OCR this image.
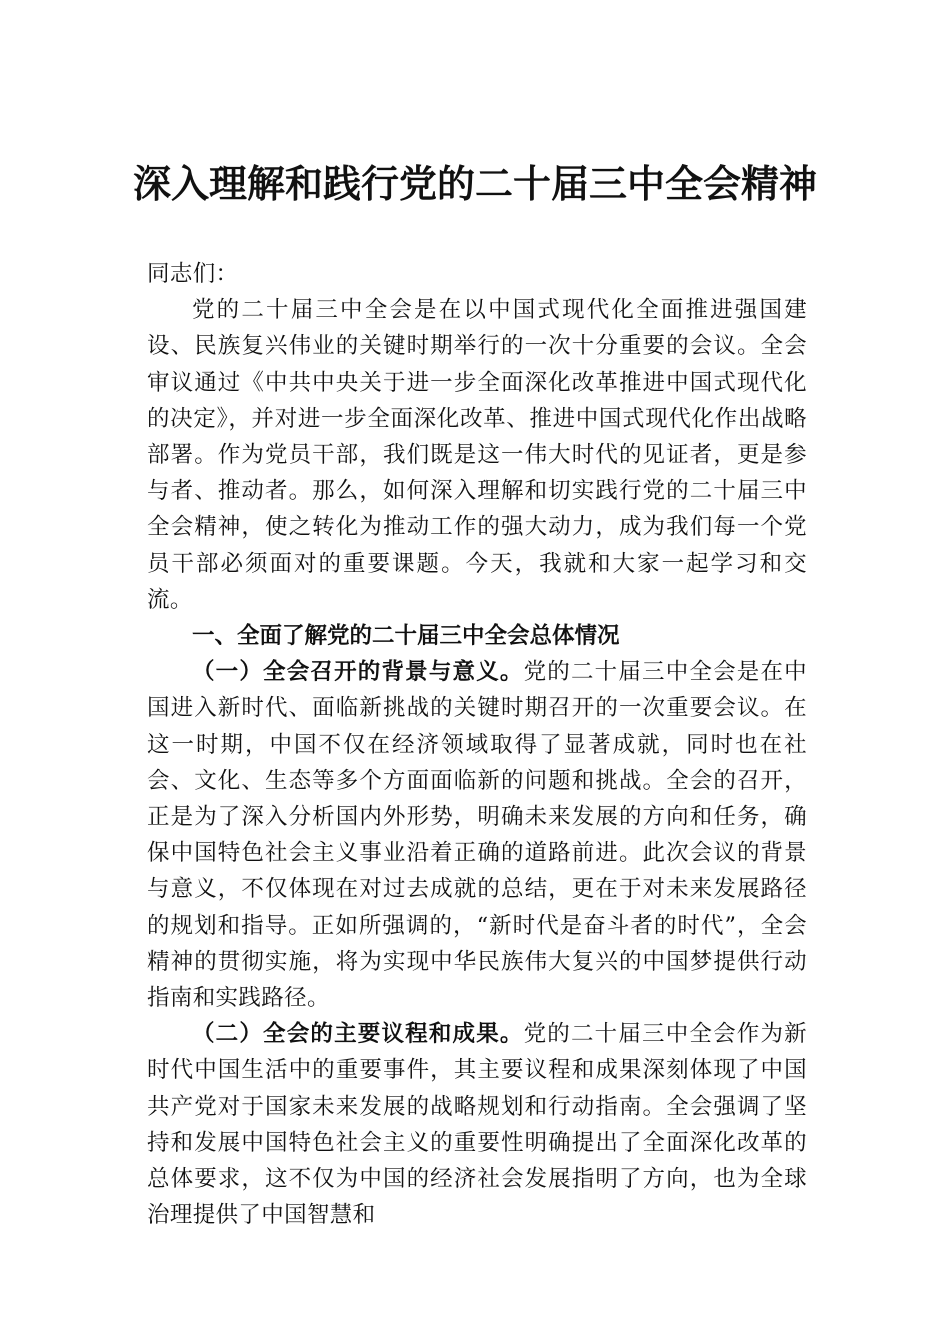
深入理解和践行党的二十届三中全会精神

同志们：

党的二十届三中全会是在以中国式现代化全面推进强国建设、民族复兴伟业的关键时期举行的一次十分重要的会议。全会审议通过《中共中央关于进一步全面深化改革推进中国式现代化的决定》，并对进一步全面深化改革、推进中国式现代化作出战略部署。作为党员干部，我们既是这一伟大时代的见证者，更是参与者、推动者。那么，如何深入理解和切实践行党的二十届三中全会精神，使之转化为推动工作的强大动力，成为我们每一个党员干部必须面对的重要课题。今天，我就和大家一起学习和交流。

一、全面了解党的二十届三中全会总体情况

（一）全会召开的背景与意义。党的二十届三中全会是在中国进入新时代、面临新挑战的关键时期召开的一次重要会议。在这一时期，中国不仅在经济领域取得了显著成就，同时也在社会、文化、生态等多个方面面临新的问题和挑战。全会的召开，正是为了深入分析国内外形势，明确未来发展的方向和任务，确保中国特色社会主义事业沿着正确的道路前进。此次会议的背景与意义，不仅体现在对过去成就的总结，更在于对未来发展路径的规划和指导。正如所强调的，“新时代是奋斗者的时代”，全会精神的贯彻实施，将为实现中华民族伟大复兴的中国梦提供行动指南和实践路径。

（二）全会的主要议程和成果。党的二十届三中全会作为新时代中国生活中的重要事件，其主要议程和成果深刻体现了中国共产党对于国家未来发展的战略规划和行动指南。全会强调了坚持和发展中国特色社会主义的重要性明确提出了全面深化改革的总体要求，这不仅为中国的经济社会发展指明了方向，也为全球治理提供了中国智慧和
